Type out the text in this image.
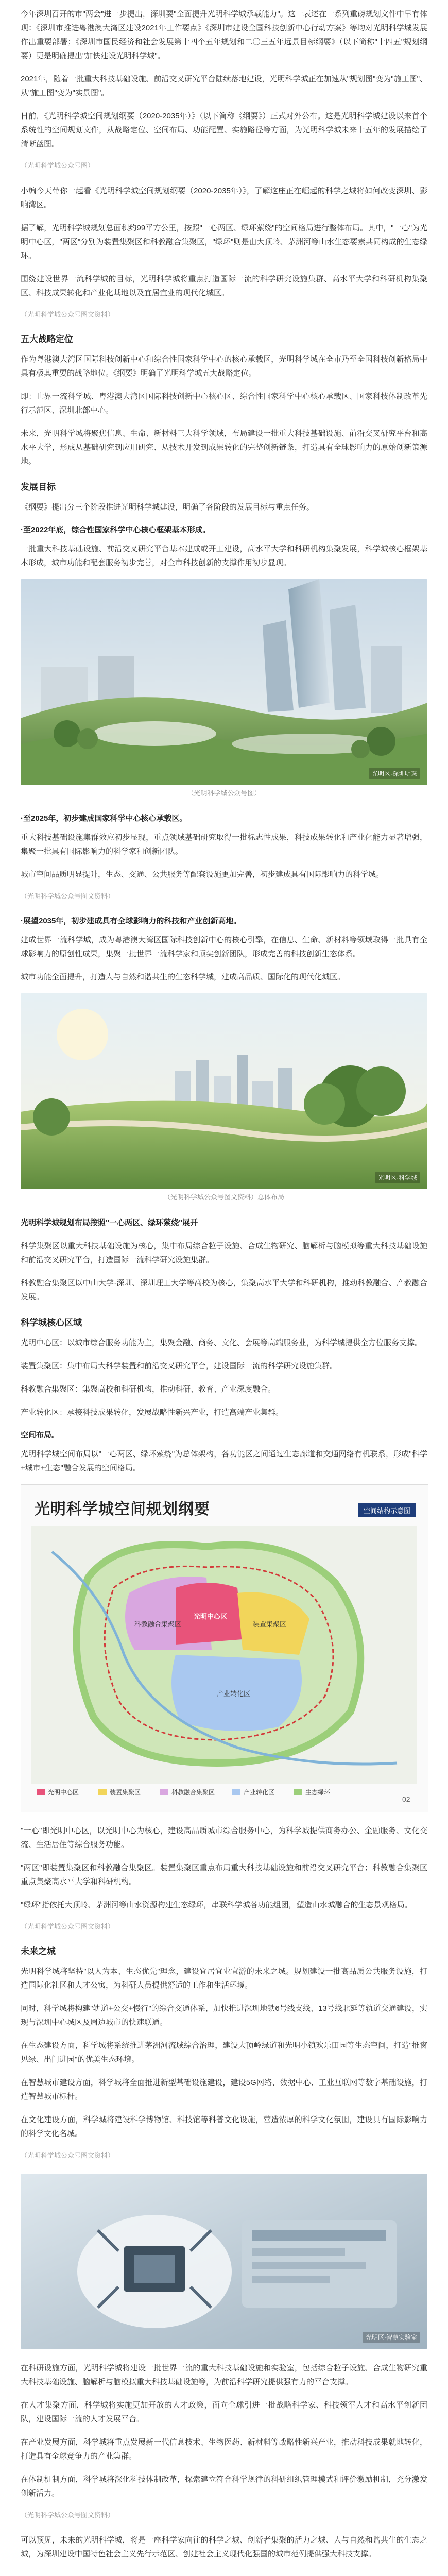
今年深圳召开的市"两会"进一步提出，深圳要"全面提升光明科学城承载能力"。这一表述在一系列重磅规划文件中早有体现：《深圳市推进粤港澳大湾区建设2021年工作要点》《深圳市建设全国科技创新中心行动方案》等均对光明科学城发展作出重要部署；《深圳市国民经济和社会发展第十四个五年规划和二〇三五年远景目标纲要》（以下简称"十四五"规划纲要）更是明确提出"加快建设光明科学城"。

2021年，随着一批重大科技基础设施、前沿交叉研究平台陆续落地建设，光明科学城正在加速从"规划图"变为"施工图"、从"施工图"变为"实景图"。

日前，《光明科学城空间规划纲要（2020-2035年）》（以下简称《纲要》）正式对外公布。这是光明科学城建设以来首个系统性的空间规划文件，从战略定位、空间布局、功能配置、实施路径等方面，为光明科学城未来十五年的发展描绘了清晰蓝图。

（光明科学城公众号图）

小编今天带你一起看《光明科学城空间规划纲要（2020-2035年）》，了解这座正在崛起的科学之城将如何改变深圳、影响湾区。

据了解，光明科学城规划总面积约99平方公里，按照"一心两区、绿环萦绕"的空间格局进行整体布局。其中，"一心"为光明中心区，"两区"分别为装置集聚区和科教融合集聚区，"绿环"则是由大顶岭、茅洲河等山水生态要素共同构成的生态绿环。

围绕建设世界一流科学城的目标，光明科学城将重点打造国际一流的科学研究设施集群、高水平大学和科研机构集聚区、科技成果转化和产业化基地以及宜居宜业的现代化城区。

（光明科学城公众号图文资料）

五大战略定位

作为粤港澳大湾区国际科技创新中心和综合性国家科学中心的核心承载区，光明科学城在全市乃至全国科技创新格局中具有极其重要的战略地位。《纲要》明确了光明科学城五大战略定位。

即：世界一流科学城、粤港澳大湾区国际科技创新中心核心区、综合性国家科学中心核心承载区、国家科技体制改革先行示范区、深圳北部中心。

未来，光明科学城将聚焦信息、生命、新材料三大科学领域，布局建设一批重大科技基础设施、前沿交叉研究平台和高水平大学，形成从基础研究到应用研究、从技术开发到成果转化的完整创新链条，打造具有全球影响力的原始创新策源地。

发展目标

《纲要》提出分三个阶段推进光明科学城建设，明确了各阶段的发展目标与重点任务。

·至2022年底，综合性国家科学中心核心框架基本形成。

一批重大科技基础设施、前沿交叉研究平台基本建成或开工建设，高水平大学和科研机构集聚发展，科学城核心框架基本形成，城市功能和配套服务初步完善，对全市科技创新的支撑作用初步显现。

光明区·深圳明珠

（光明科学城公众号图）

·至2025年，初步建成国家科学中心核心承载区。

重大科技基础设施集群效应初步显现，重点领域基础研究取得一批标志性成果，科技成果转化和产业化能力显著增强，集聚一批具有国际影响力的科学家和创新团队。

城市空间品质明显提升，生态、交通、公共服务等配套设施更加完善，初步建成具有国际影响力的科学城。

（光明科学城公众号图文资料）

·展望2035年，初步建成具有全球影响力的科技和产业创新高地。

建成世界一流科学城，成为粤港澳大湾区国际科技创新中心的核心引擎，在信息、生命、新材料等领域取得一批具有全球影响力的原创性成果，集聚一批世界一流科学家和顶尖创新团队，形成完善的科技创新生态体系。

城市功能全面提升，打造人与自然和谐共生的生态科学城，建成高品质、国际化的现代化城区。

光明区·科学城

（光明科学城公众号图文资料）总体布局

光明科学城规划布局按照"一心两区、绿环萦绕"展开

科学集聚区以重大科技基础设施为核心，集中布局综合粒子设施、合成生物研究、脑解析与脑模拟等重大科技基础设施和前沿交叉研究平台，打造国际一流科学研究设施集群。

科教融合集聚区以中山大学·深圳、深圳理工大学等高校为核心，集聚高水平大学和科研机构，推动科教融合、产教融合发展。

科学城核心区域

光明中心区：以城市综合服务功能为主，集聚金融、商务、文化、会展等高端服务业，为科学城提供全方位服务支撑。

装置集聚区：集中布局大科学装置和前沿交叉研究平台，建设国际一流的科学研究设施集群。

科教融合集聚区：集聚高校和科研机构，推动科研、教育、产业深度融合。

产业转化区：承接科技成果转化，发展战略性新兴产业，打造高端产业集群。

空间布局。

光明科学城空间布局以"一心两区、绿环萦绕"为总体架构，各功能区之间通过生态廊道和交通网络有机联系，形成"科学+城市+生态"融合发展的空间格局。

光明科学城空间规划纲要	空间结构示意图
光明中心区
装置集聚区
科教融合集聚区
产业转化区
光明中心区	装置集聚区	科教融合集聚区	产业转化区	生态绿环
02

"一心"即光明中心区，以光明中心为核心，建设高品质城市综合服务中心，为科学城提供商务办公、金融服务、文化交流、生活居住等综合服务功能。

"两区"即装置集聚区和科教融合集聚区。装置集聚区重点布局重大科技基础设施和前沿交叉研究平台；科教融合集聚区重点集聚高水平大学和科研机构。

"绿环"指依托大顶岭、茅洲河等山水资源构建生态绿环，串联科学城各功能组团，塑造山水城融合的生态景观格局。

（光明科学城公众号图文资料）

未来之城

光明科学城将坚持"以人为本、生态优先"理念，建设宜居宜业宜游的未来之城。规划建设一批高品质公共服务设施，打造国际化社区和人才公寓，为科研人员提供舒适的工作和生活环境。

同时，科学城将构建"轨道+公交+慢行"的综合交通体系，加快推进深圳地铁6号线支线、13号线北延等轨道交通建设，实现与深圳中心城区及周边城市的快速联通。

在生态建设方面，科学城将系统推进茅洲河流域综合治理，建设大顶岭绿道和光明小镇欢乐田园等生态空间，打造"推窗见绿、出门进园"的优美生态环境。

在智慧城市建设方面，科学城将全面推进新型基础设施建设，建设5G网络、数据中心、工业互联网等数字基础设施，打造智慧城市标杆。

在文化建设方面，科学城将建设科学博物馆、科技馆等科普文化设施，营造浓厚的科学文化氛围，建设具有国际影响力的科学文化名城。

（光明科学城公众号图文资料）

光明区·智慧实验室

在科研设施方面，光明科学城将建设一批世界一流的重大科技基础设施和实验室，包括综合粒子设施、合成生物研究重大科技基础设施、脑解析与脑模拟重大科技基础设施等，为前沿科学研究提供强有力的平台支撑。

在人才集聚方面，科学城将实施更加开放的人才政策，面向全球引进一批战略科学家、科技领军人才和高水平创新团队，建设国际一流的人才发展平台。

在产业发展方面，科学城将重点发展新一代信息技术、生物医药、新材料等战略性新兴产业，推动科技成果就地转化，打造具有全球竞争力的产业集群。

在体制机制方面，科学城将深化科技体制改革，探索建立符合科学规律的科研组织管理模式和评价激励机制，充分激发创新活力。

（光明科学城公众号图文资料）

可以预见，未来的光明科学城，将是一座科学家向往的科学之城、创新者集聚的活力之城、人与自然和谐共生的生态之城，为深圳建设中国特色社会主义先行示范区、创建社会主义现代化强国的城市范例提供强大科技支撑。
